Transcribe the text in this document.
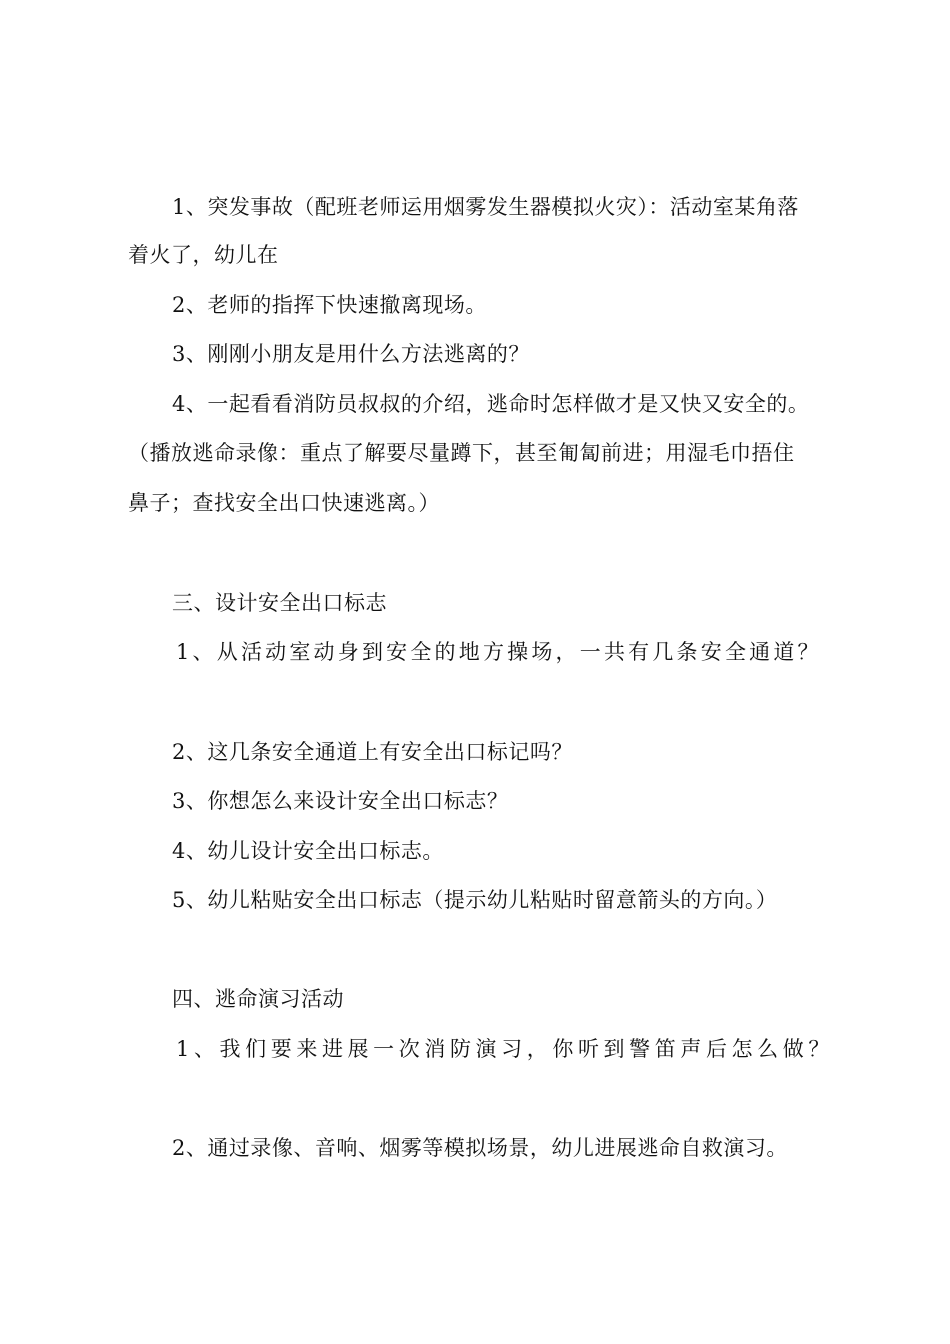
1、突发事故（配班老师运用烟雾发生器模拟火灾）：活动室某角落
着火了，幼儿在
2、老师的指挥下快速撤离现场。
3、刚刚小朋友是用什么方法逃离的？
4、一起看看消防员叔叔的介绍，逃命时怎样做才是又快又安全的。
（播放逃命录像：重点了解要尽量蹲下，甚至匍匐前进；用湿毛巾捂住
鼻子；查找安全出口快速逃离。）
三、设计安全出口标志
1、从活动室动身到安全的地方操场，一共有几条安全通道？
2、这几条安全通道上有安全出口标记吗？
3、你想怎么来设计安全出口标志？
4、幼儿设计安全出口标志。
5、幼儿粘贴安全出口标志（提示幼儿粘贴时留意箭头的方向。）
四、逃命演习活动
1、我们要来进展一次消防演习，你听到警笛声后怎么做？
2、通过录像、音响、烟雾等模拟场景，幼儿进展逃命自救演习。
